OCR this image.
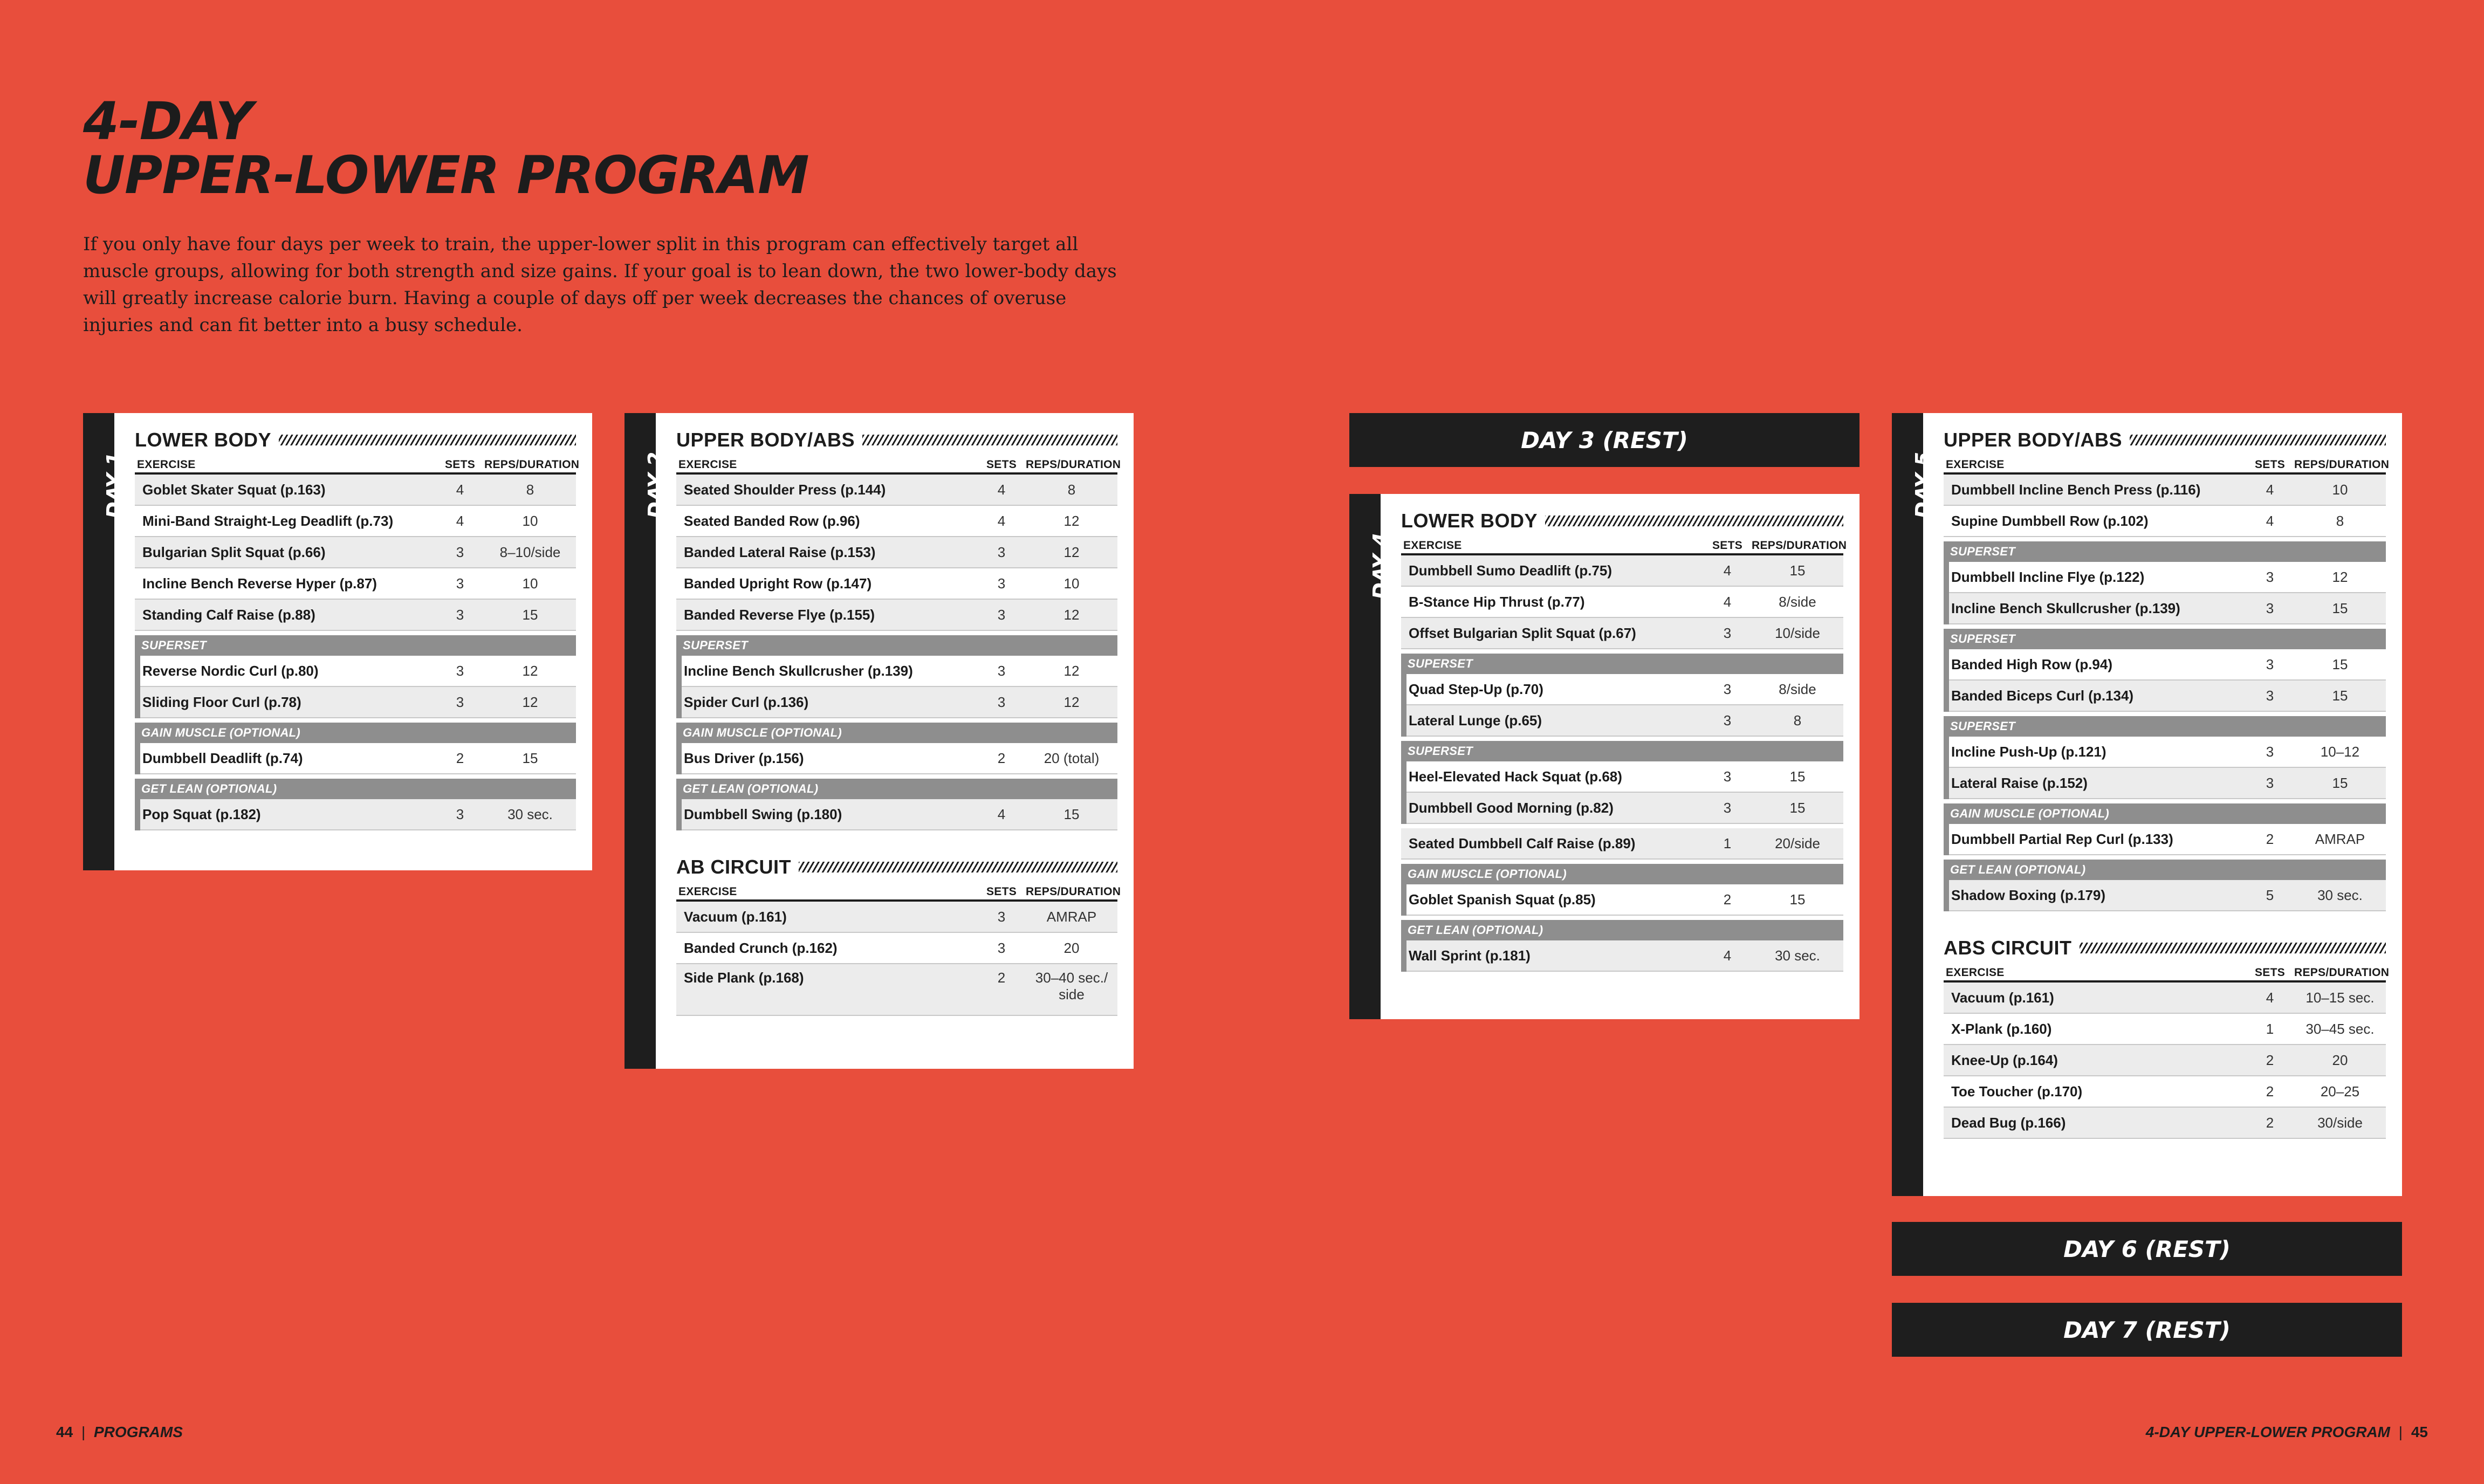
4-DAY
UPPER-LOWER PROGRAM

If you only have four days per week to train, the upper-lower split in this program can effectively target all muscle groups, allowing for both strength and size gains. If your goal is to lean down, the two lower-body days will greatly increase calorie burn. Having a couple of days off per week decreases the chances of overuse injuries and can fit better into a busy schedule.

DAY 1
LOWER BODY
EXERCISE	SETS REPS/DURATION
Goblet Skater Squat (p.163)	4	8
Mini-Band Straight-Leg Deadlift (p.73)	4	10
Bulgarian Split Squat (p.66)	3	8–10/side
Incline Bench Reverse Hyper (p.87)	3	10
Standing Calf Raise (p.88)	3	15
SUPERSET
Reverse Nordic Curl (p.80)	3	12
Sliding Floor Curl (p.78)	3	12
GAIN MUSCLE (OPTIONAL)
Dumbbell Deadlift (p.74)	2	15
GET LEAN (OPTIONAL)
Pop Squat (p.182)	3	30 sec.
DAY 2
UPPER BODY/ABS
EXERCISE	SETS REPS/DURATION
Seated Shoulder Press (p.144)	4	8
Seated Banded Row (p.96)	4	12
Banded Lateral Raise (p.153)	3	12
Banded Upright Row (p.147)	3	10
Banded Reverse Flye (p.155)	3	12
SUPERSET
Incline Bench Skullcrusher (p.139)	3	12
Spider Curl (p.136)	3	12
GAIN MUSCLE (OPTIONAL)
Bus Driver (p.156)	2	20 (total)
GET LEAN (OPTIONAL)
Dumbbell Swing (p.180)	4	15
AB CIRCUIT
EXERCISE	SETS REPS/DURATION
Vacuum (p.161)	3	AMRAP
Banded Crunch (p.162)	3	20
Side Plank (p.168)	2	30–40 sec./ side
DAY 3 (REST)
DAY 4
LOWER BODY
EXERCISE	SETS REPS/DURATION
Dumbbell Sumo Deadlift (p.75)	4	15
B-Stance Hip Thrust (p.77)	4	8/side
Offset Bulgarian Split Squat (p.67)	3	10/side
SUPERSET
Quad Step-Up (p.70)	3	8/side
Lateral Lunge (p.65)	3	8
SUPERSET
Heel-Elevated Hack Squat (p.68)	3	15
Dumbbell Good Morning (p.82)	3	15
Seated Dumbbell Calf Raise (p.89)	1	20/side
GAIN MUSCLE (OPTIONAL)
Goblet Spanish Squat (p.85)	2	15
GET LEAN (OPTIONAL)
Wall Sprint (p.181)	4	30 sec.
DAY 5
UPPER BODY/ABS
EXERCISE	SETS REPS/DURATION
Dumbbell Incline Bench Press (p.116)	4	10
Supine Dumbbell Row (p.102)	4	8
SUPERSET
Dumbbell Incline Flye (p.122)	3	12
Incline Bench Skullcrusher (p.139)	3	15
SUPERSET
Banded High Row (p.94)	3	15
Banded Biceps Curl (p.134)	3	15
SUPERSET
Incline Push-Up (p.121)	3	10–12
Lateral Raise (p.152)	3	15
GAIN MUSCLE (OPTIONAL)
Dumbbell Partial Rep Curl (p.133)	2	AMRAP
GET LEAN (OPTIONAL)
Shadow Boxing (p.179)	5	30 sec.
ABS CIRCUIT
EXERCISE	SETS REPS/DURATION
Vacuum (p.161)	4	10–15 sec.
X-Plank (p.160)	1	30–45 sec.
Knee-Up (p.164)	2	20
Toe Toucher (p.170)	2	20–25
Dead Bug (p.166)	2	30/side
DAY 6 (REST)
DAY 7 (REST)
44 | PROGRAMS	4-DAY UPPER-LOWER PROGRAM | 45
